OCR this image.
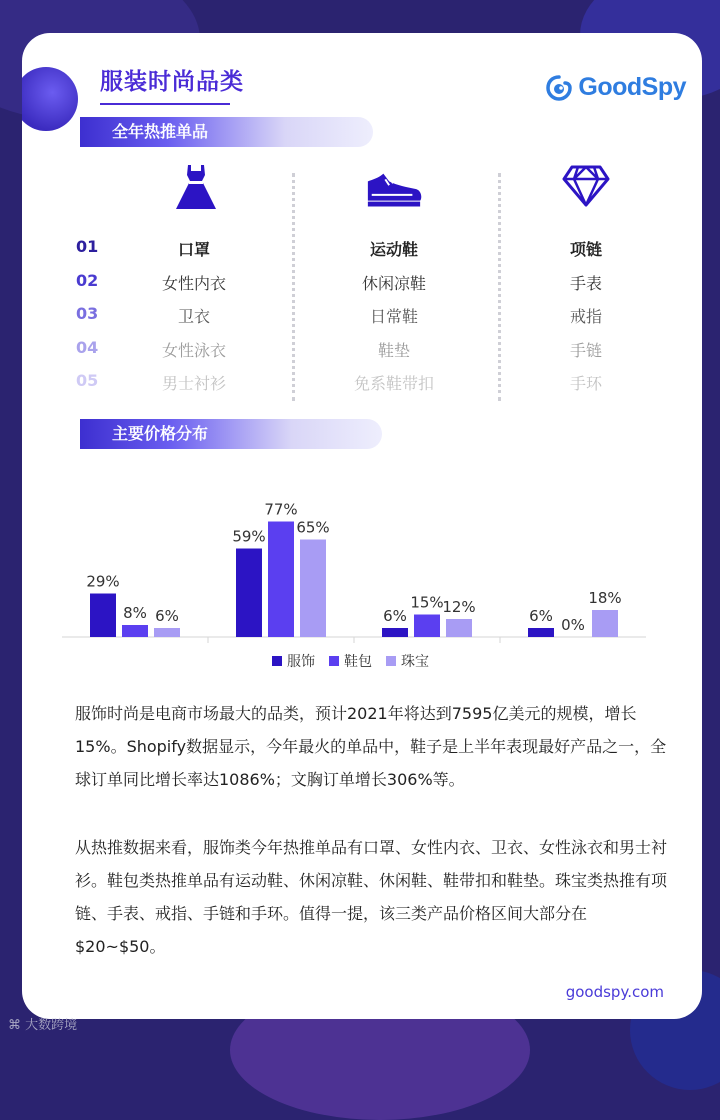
服装时尚品类	GoodSpy
全年热推单品
01	口罩	运动鞋	项链
02	女性内衣	休闲凉鞋	手表
03	卫衣	日常鞋	戒指
04	女性泳衣	鞋垫	手链
05	男士衬衫	免系鞋带扣	手环
主要价格分布
29%
8% 6%
59%
77%
65%
6%
15%
12%	6% 0%
18%
服饰 鞋包 珠宝
服饰时尚是电商市场最大的品类，预计2021年将达到7595亿美元的规模，增长15%。Shopify数据显示，今年最火的单品中，鞋子是上半年表现最好产品之一，全球订单同比增长率达1086%；文胸订单增长306%等。
从热推数据来看，服饰类今年热推单品有口罩、女性内衣、卫衣、女性泳衣和男士衬衫。鞋包类热推单品有运动鞋、休闲凉鞋、休闲鞋、鞋带扣和鞋垫。珠宝类热推有项链、手表、戒指、手链和手环。值得一提，该三类产品价格区间大部分在$20~$50。
goodspy.com
⌘ 大数跨境
